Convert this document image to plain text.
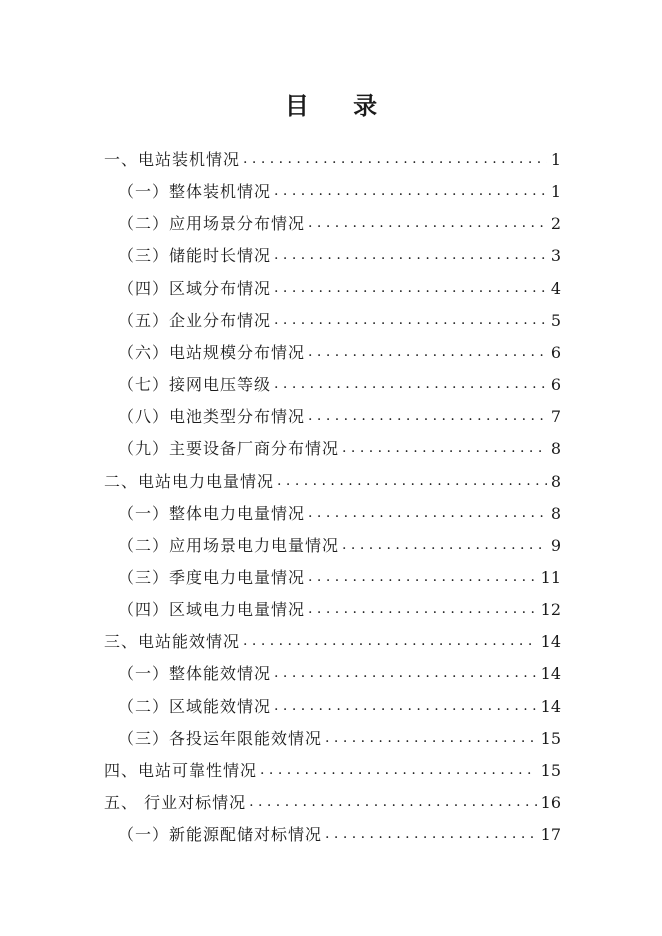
目 录
一、电站装机情况 . . .	1
（一）整体装机情况 . . .	1
（二）应用场景分布情况 . . .	2
（三）储能时长情况 . . .	3
（四）区域分布情况 . . .	4
（五）企业分布情况 . . .	5
（六）电站规模分布情况 . . .	6
（七）接网电压等级 . . .	6
（八）电池类型分布情况 . . .	7
（九）主要设备厂商分布情况 . . .	8
二、电站电力电量情况 . . .	8
（一）整体电力电量情况 . . .	8
（二）应用场景电力电量情况 . . .	9
（三）季度电力电量情况 . . .	11
（四）区域电力电量情况 . . .	12
三、电站能效情况 . . .	14
（一）整体能效情况 . . .	14
（二）区域能效情况 . . .	14
（三）各投运年限能效情况 . . .	15
四、电站可靠性情况 . . .	15
五、 行业对标情况 . . .	16
（一）新能源配储对标情况 . . .	17
